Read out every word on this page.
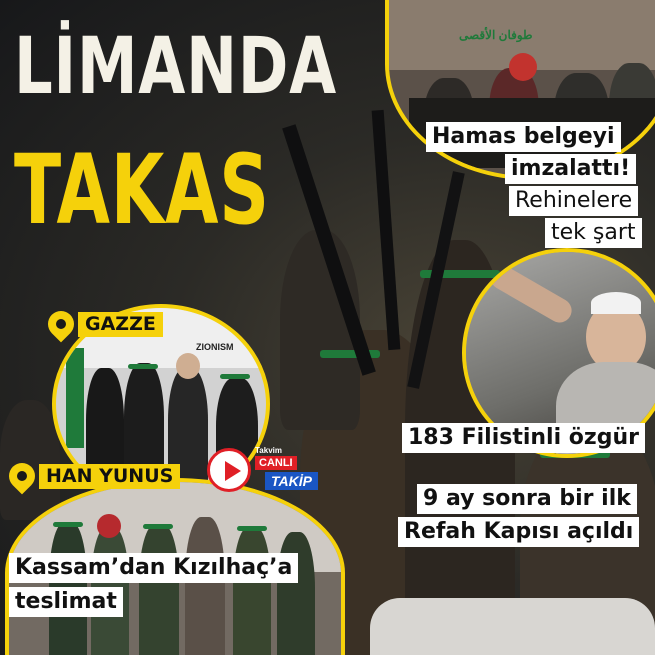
LİMANDA
TAKAS
طوفان الأقصى
Hamas belgeyi
imzalattı!
Rehinelere
tek şart
183 Filistinli özgür
9 ay sonra bir ilk
Refah Kapısı açıldı
ZIONISM
GAZZE
HAN YUNUS
Takvim
CANLI
TAKİP
Kassam’dan Kızılhaç’a
teslimat
